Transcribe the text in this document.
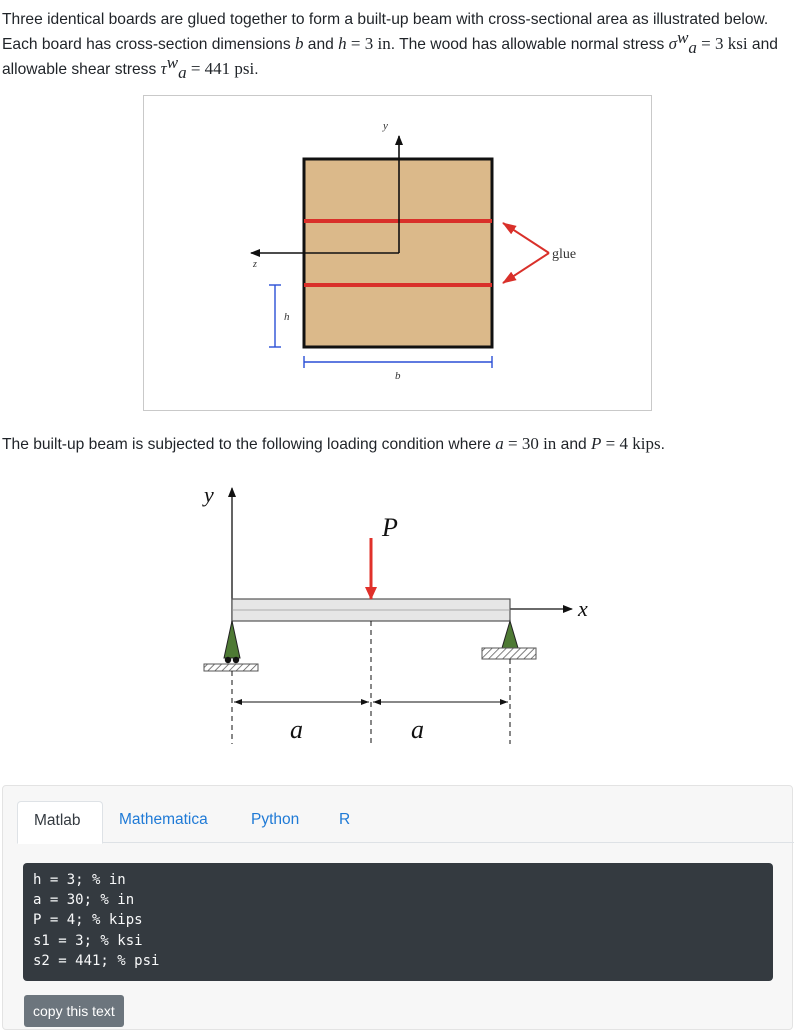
Three identical boards are glued together to form a built-up beam with cross-sectional area as illustrated below. Each board has cross-section dimensions b and h = 3 in. The wood has allowable normal stress $\sigma^w_a = 3$ ksi and allowable shear stress $\tau^w_a = 441$ psi.

y
z
h
b
glue

The built-up beam is subjected to the following loading condition where a = 30 in and P = 4 kips.

y
x
P
a	a
Matlab	Mathematica	Python	R
h = 3; % in
a = 30; % in
P = 4; % kips
s1 = 3; % ksi
s2 = 441; % psi
copy this text
